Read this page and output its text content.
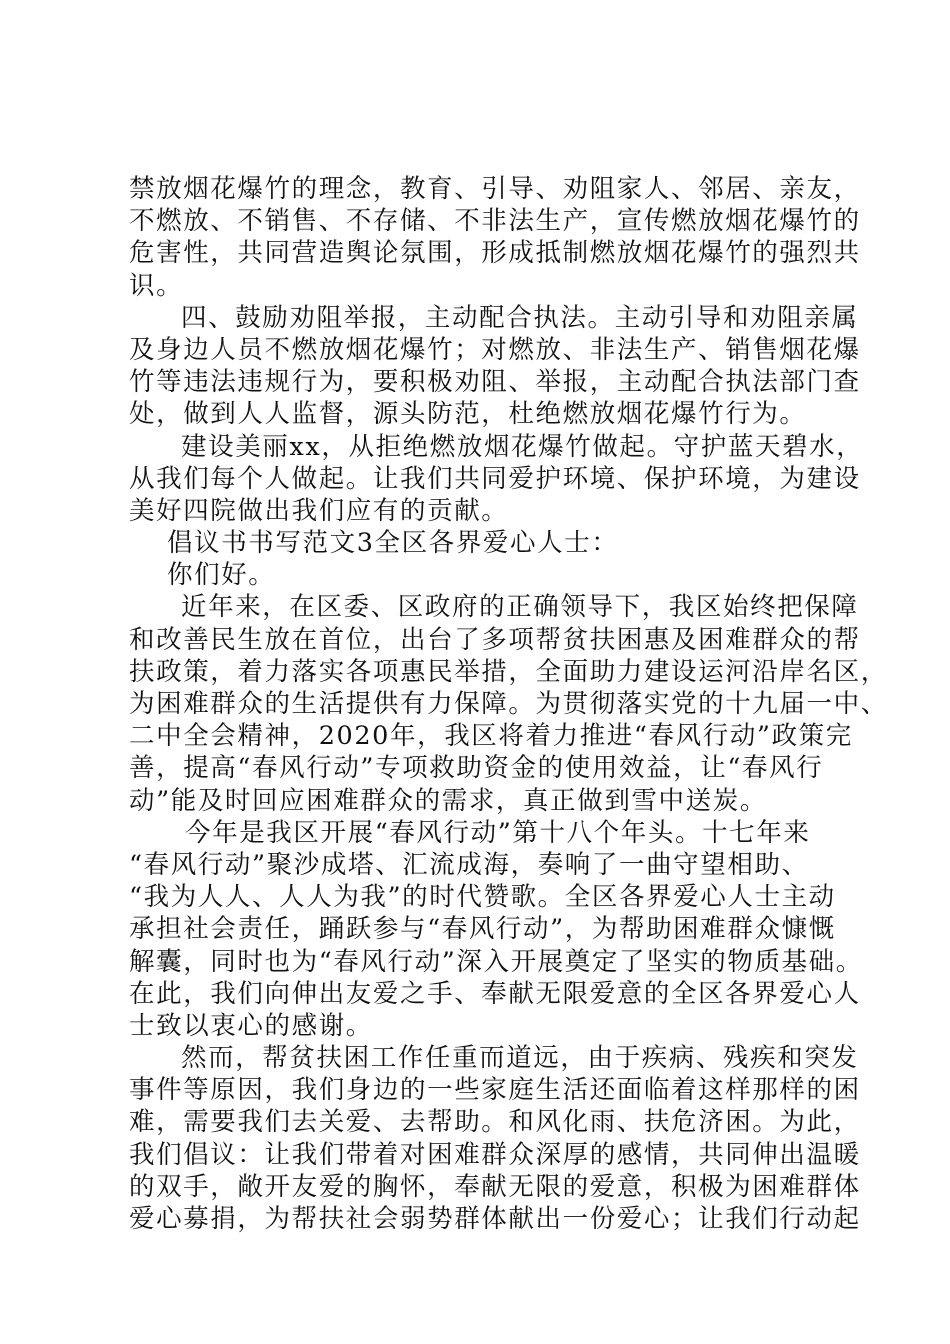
禁放烟花爆竹的理念，教育、引导、劝阻家人、邻居、亲友，
不燃放、不销售、不存储、不非法生产，宣传燃放烟花爆竹的
危害性，共同营造舆论氛围，形成抵制燃放烟花爆竹的强烈共
识。
四、鼓励劝阻举报，主动配合执法。主动引导和劝阻亲属
及身边人员不燃放烟花爆竹；对燃放、非法生产、销售烟花爆
竹等违法违规行为，要积极劝阻、举报，主动配合执法部门查
处，做到人人监督，源头防范，杜绝燃放烟花爆竹行为。
建设美丽xx，从拒绝燃放烟花爆竹做起。守护蓝天碧水，
从我们每个人做起。让我们共同爱护环境、保护环境，为建设
美好四院做出我们应有的贡献。
倡议书书写范文3全区各界爱心人士：
你们好。
近年来，在区委、区政府的正确领导下，我区始终把保障
和改善民生放在首位，出台了多项帮贫扶困惠及困难群众的帮
扶政策，着力落实各项惠民举措，全面助力建设运河沿岸名区，
为困难群众的生活提供有力保障。为贯彻落实党的十九届一中、
二中全会精神，2020年，我区将着力推进“春风行动”政策完
善，提高“春风行动”专项救助资金的使用效益，让“春风行
动”能及时回应困难群众的需求，真正做到雪中送炭。
今年是我区开展“春风行动”第十八个年头。十七年来
“春风行动”聚沙成塔、汇流成海，奏响了一曲守望相助、
“我为人人、人人为我”的时代赞歌。全区各界爱心人士主动
承担社会责任，踊跃参与“春风行动”，为帮助困难群众慷慨
解囊，同时也为“春风行动”深入开展奠定了坚实的物质基础。
在此，我们向伸出友爱之手、奉献无限爱意的全区各界爱心人
士致以衷心的感谢。
然而，帮贫扶困工作任重而道远，由于疾病、残疾和突发
事件等原因，我们身边的一些家庭生活还面临着这样那样的困
难，需要我们去关爱、去帮助。和风化雨、扶危济困。为此，
我们倡议：让我们带着对困难群众深厚的感情，共同伸出温暖
的双手，敞开友爱的胸怀，奉献无限的爱意，积极为困难群体
爱心募捐，为帮扶社会弱势群体献出一份爱心；让我们行动起
